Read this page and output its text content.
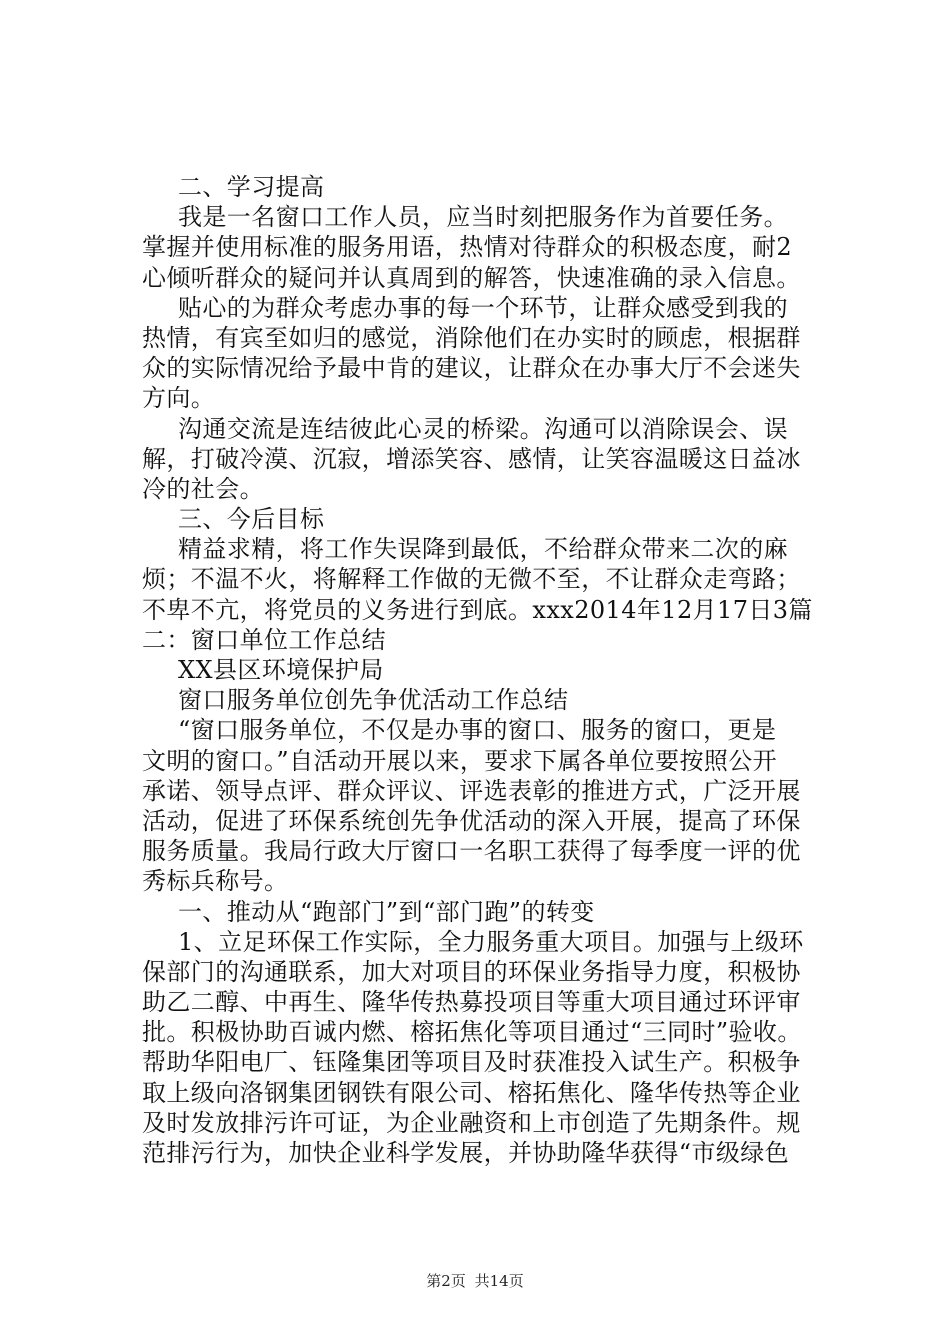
二、学习提高
我是一名窗口工作人员，应当时刻把服务作为首要任务。
掌握并使用标准的服务用语，热情对待群众的积极态度，耐2
心倾听群众的疑问并认真周到的解答，快速准确的录入信息。
贴心的为群众考虑办事的每一个环节，让群众感受到我的
热情，有宾至如归的感觉，消除他们在办实时的顾虑，根据群
众的实际情况给予最中肯的建议，让群众在办事大厅不会迷失
方向。
沟通交流是连结彼此心灵的桥梁。沟通可以消除误会、误
解，打破冷漠、沉寂，增添笑容、感情，让笑容温暖这日益冰
冷的社会。
三、今后目标
精益求精，将工作失误降到最低，不给群众带来二次的麻
烦；不温不火，将解释工作做的无微不至，不让群众走弯路；
不卑不亢，将党员的义务进行到底。xxx2014年12月17日3篇
二：窗口单位工作总结
XX县区环境保护局
窗口服务单位创先争优活动工作总结
“窗口服务单位，不仅是办事的窗口、服务的窗口，更是
文明的窗口。”自活动开展以来，要求下属各单位要按照公开
承诺、领导点评、群众评议、评选表彰的推进方式，广泛开展
活动，促进了环保系统创先争优活动的深入开展，提高了环保
服务质量。我局行政大厅窗口一名职工获得了每季度一评的优
秀标兵称号。
一、推动从“跑部门”到“部门跑”的转变
1、立足环保工作实际，全力服务重大项目。加强与上级环
保部门的沟通联系，加大对项目的环保业务指导力度，积极协
助乙二醇、中再生、隆华传热募投项目等重大项目通过环评审
批。积极协助百诚内燃、榕拓焦化等项目通过“三同时”验收。
帮助华阳电厂、钰隆集团等项目及时获准投入试生产。积极争
取上级向洛钢集团钢铁有限公司、榕拓焦化、隆华传热等企业
及时发放排污许可证，为企业融资和上市创造了先期条件。规
范排污行为，加快企业科学发展，并协助隆华获得“市级绿色
第2页 共14页
